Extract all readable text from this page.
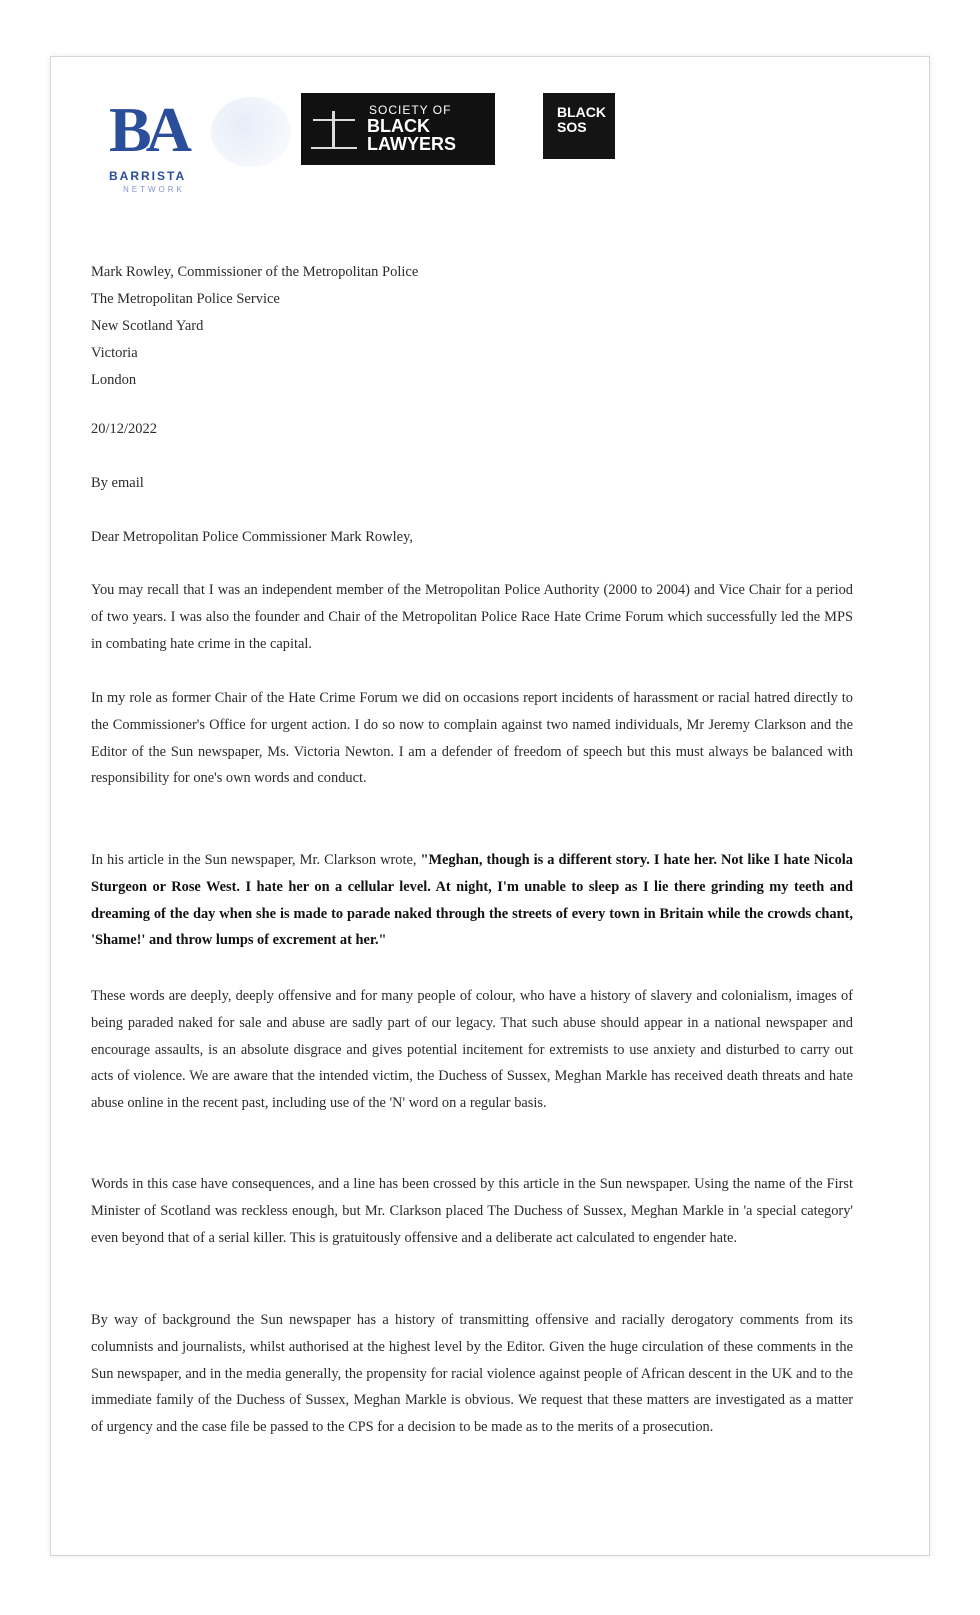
BA
BARRISTA
NETWORK
SOCIETY OF
BLACK
LAWYERS
BLACK
SOS
Mark Rowley, Commissioner of the Metropolitan Police
The Metropolitan Police Service
New Scotland Yard
Victoria
London
20/12/2022
By email
Dear Metropolitan Police Commissioner Mark Rowley,

You may recall that I was an independent member of the Metropolitan Police Authority (2000 to 2004) and Vice Chair for a period of two years. I was also the founder and Chair of the Metropolitan Police Race Hate Crime Forum which successfully led the MPS in combating hate crime in the capital.

In my role as former Chair of the Hate Crime Forum we did on occasions report incidents of harassment or racial hatred directly to the Commissioner's Office for urgent action. I do so now to complain against two named individuals, Mr Jeremy Clarkson and the Editor of the Sun newspaper, Ms. Victoria Newton. I am a defender of freedom of speech but this must always be balanced with responsibility for one's own words and conduct.

In his article in the Sun newspaper, Mr. Clarkson wrote, "Meghan, though is a different story. I hate her. Not like I hate Nicola Sturgeon or Rose West. I hate her on a cellular level. At night, I'm unable to sleep as I lie there grinding my teeth and dreaming of the day when she is made to parade naked through the streets of every town in Britain while the crowds chant, 'Shame!' and throw lumps of excrement at her."

These words are deeply, deeply offensive and for many people of colour, who have a history of slavery and colonialism, images of being paraded naked for sale and abuse are sadly part of our legacy. That such abuse should appear in a national newspaper and encourage assaults, is an absolute disgrace and gives potential incitement for extremists to use anxiety and disturbed to carry out acts of violence. We are aware that the intended victim, the Duchess of Sussex, Meghan Markle has received death threats and hate abuse online in the recent past, including use of the 'N' word on a regular basis.

Words in this case have consequences, and a line has been crossed by this article in the Sun newspaper. Using the name of the First Minister of Scotland was reckless enough, but Mr. Clarkson placed The Duchess of Sussex, Meghan Markle in 'a special category' even beyond that of a serial killer. This is gratuitously offensive and a deliberate act calculated to engender hate.

By way of background the Sun newspaper has a history of transmitting offensive and racially derogatory comments from its columnists and journalists, whilst authorised at the highest level by the Editor. Given the huge circulation of these comments in the Sun newspaper, and in the media generally, the propensity for racial violence against people of African descent in the UK and to the immediate family of the Duchess of Sussex, Meghan Markle is obvious. We request that these matters are investigated as a matter of urgency and the case file be passed to the CPS for a decision to be made as to the merits of a prosecution.
